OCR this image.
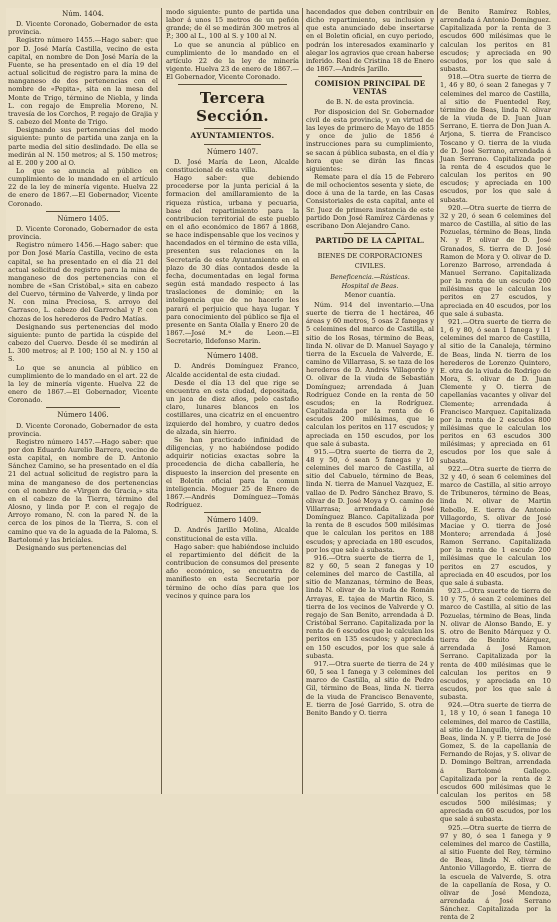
Núm. 1404.

D. Vicente Coronado, Gobernador de esta provincia.

Registro número 1455.—Hago saber: que por D. José María Castilla, vecino de esta capital, en nombre de Don José María de la Fuente, se ha presentado en el día 19 del actual solicitud de registro para la mina de manganeso de dos pertenencias con el nombre de «Pepita», sita en la mesa del Monte de Trigo, término de Niebla, y linda L. con regajo de Emprelia Moreno, N. travesía de los Corchos, P. regajo de Grajia y S. cabezo del Monte de Trigo.

Designando sus pertenencias del modo siguiente: punto de partida una zanja en la parte media del sitio deslindado. De ella se medirán al N. 150 metros; al S. 150 metros; al E. 200 y 200 al O.

Lo que se anuncia al público en cumplimiento de lo mandado en el artículo 22 de la ley de minería vigente. Huelva 22 de enero de 1867.—El Gobernador, Vicente Coronado.

Número 1405.

D. Vicente Coronado, Gobernador de esta provincia.

Registro número 1456.—Hago saber: que por Don José María Castilla, vecino de esta capital, se ha presentado en el día 21 del actual solicitud de registro para la mina de manganeso de dos pertenencias con el nombre de «San Cristóbal,» sita en cabezo del Cuervo, término de Valverde, y linda por N. con mina Preciosa, S. arroyo del Carrasco, L. cabezo del Garrochal y P. con chozas de los herederos de Pedro Matías.

Designando sus pertenencias del modo siguiente: punto de partida la cúspide del cabezo del Cuervo. Desde él se medirán al L. 300 metros; al P. 100; 150 al N. y 150 al S.

Lo que se anuncia al público en cumplimiento de lo mandado en el art. 22 de la ley de minería vigente. Huelva 22 de enero de 1867.—El Gobernador, Vicente Coronado.

Número 1406.

D. Vicente Coronado, Gobernador de esta provincia.

Registro número 1457.—Hago saber: que por don Eduardo Aurelio Barrera, vecino de esta capital, en nombre de D. Antonio Sánchez Camino, se ha presentado en el día 21 del actual solicitud de registro para la mina de manganeso de dos pertenencias con el nombre de «Virgen de Gracia,» sita en el cabezo de la Tierra, término del Alosno, y linda por P. con el regajo de Arroyo romano, N. con la pared N. de la cerca de los pinos de la Tierra, S. con el camino que va de la aguada de la Paloma, S. Bartolomé y las bricíales.

Designando sus pertenencias del

modo siguiente: punto de partida una labor á unos 15 metros de un peñón grande; de él se medirán 300 metros al P.; 300 al L., 100 al S. y 100 al N.

Lo que se anuncia al público en cumplimiento de lo mandado en el artículo 22 de la ley de minería vigente. Huelva 23 de enero de 1867.—El Gobernador, Vicente Coronado.

Tercera Sección.
AYUNTAMIENTOS.
Número 1407.

D. José María de Leon, Alcalde constitucional de esta villa.

Hago saber: que debiendo procederse por la junta pericial á la formacion del amillaramiento de la riqueza rústica, urbana y pecuaria, base del repartimiento para la contribucion territorial de este pueblo en el año económico de 1867 á 1868, se hace indispensable que los vecinos y hacendados en el término de esta villa, presenten sus relaciones en la Secretaría de este Ayuntamiento en el plazo de 30 días contados desde la fecha, documentadas en legal forma según está mandado respecto á las traslaciones de dominio; en la inteligencia que de no hacerlo les parará el perjuicio que haya lugar. Y para conocimiento del público se fija el presente en Santa Olalla y Enero 20 de 1867.—José M.ª de Leon.—El Secretario, Ildefonso Marin.

Número 1408.

D. Andrés Domínguez Franco, Alcalde accidental de esta ciudad.

Desde el día 13 del que rige se encuentra en esta ciudad, depositada, un jaca de diez años, pelo castaño claro, lunares blancos en los costillares, una cicatriz en el encuentro izquierdo del hombro, y cuatro dedos de alzada, sin hierro.

Se han practicado infinidad de diligencias, y no habiéndose podido adquirir noticias exactas sobre la procedencia de dicha caballería, he dispuesto la insercion del presente en el Boletín oficial para la comun inteligencia. Moguer 25 de Enero de 1867.—Andrés Domínguez—Tomás Rodríguez.

Número 1409.

D. Andrés Jarillo Molina, Alcalde constitucional de esta villa.

Hago saber: que habiéndose incluido el repartimiento del déficit de la contribucion de consumos del presente año económico, se encuentra de manifiesto en esta Secretaría por término de ocho días para que los vecinos y quince para los

hacendados que deben contribuir en dicho repartimiento, su inclusion y que esta anunciado debe insertarse en el Boletin oficial, en cuyo periodo, podrán los interesados examinarlo y alegar los agravios que crean haberse inferido. Real de Cristina 18 de Enero de 1867.—Andrés Jarillo.

COMISION PRINCIPAL DE VENTAS
de B. N. de esta provincia.

Por disposicion del Sr. Gobernador civil de esta provincia, y en virtud de las leyes de primero de Mayo de 1855 y once de julio de 1856 é instrucciones para su cumplimiento, se sacan á pública subasta, en el día y hora que se dirán las fincas siguientes:

Remate para el día 15 de Febrero de mil ochocientos sesenta y siete, de doce á una de la tarde, en las Casas Consistoriales de esta capital, ante el Sr. Juez de primera instancia de este partido Don José Ramírez Cárdenas y escribano Don Alejandro Cano.

PARTIDO DE LA CAPITAL.
BIENES DE CORPORACIONES
CIVILES.
Beneficencia.—Rústicas.
Hospital de Beas.
Menor cuantía.

Núm. 914 del inventario.—Una suerte de tierra de 1 hectárea, 46 áreas y 60 metros, 5 osas 2 fanegas y 5 celemines del marco de Castilla, al sitio de los Rosas, término de Beas, linda N. olivar de D. Manuel Sayago y tierra de la Escuela de Valverde, E. camino de Villarrasa, S. se taza de los herederos de D. Andrés Villagordo y O. olivar de la viuda de Sebastián Domínguez; arrendada á Juan Rodríguez Conde en la renta de 50 escudos; en la Rodríguez. Capitalizada por la renta de 6 escudos 200 milésimas, que le calculan los peritos en 117 escudos; y apreciada en 150 escudos, por los que sale á subasta.

915.—Otra suerte de tierra de 2, 48 y 50, ó sean 5 fanegas y 10 celemines del marco de Castilla, al sitio del Cabuelo, término de Beas, linda N. tierra de Manuel Vazquez, E. vallao de D. Pedro Sánchez Bravo, S. olivar de D. José Moya y O. camino de Villarrasa; arrendada á José Domínguez Blanco. Capitalizada por la renta de 8 escudos 500 milésimas que le calculan los peritos en 188 escudos; y apreciada en 180 escudos, por los que sale á subasta.

916.—Otra suerte de tierra de 1, 82 y 60, 5 sean 2 fanegas y 10 celemines del marco de Castilla, al sitio de Manzanas, término de Beas, linda N. olivar de la viuda de Román Arrayas, E. tajea de Martin Rico, S. tierra de los vecinos de Valverde y O. regajo de San Benito, arrendada á D. Cristóbal Serrano. Capitalizada por la renta de 6 escudos que le calculan los peritos en 135 escudos; y apreciada en 150 escudos, por los que sale á subasta.

917.—Otra suerte de tierra de 24 y 60, 5 sea 1 fanega y 3 celemines del marco de Castilla, al sitio de Pedro Gil, término de Beas, linda N. tierra de la viuda de Francisco Benavente, E. tierra de José Garrido, S. otra de Benito Bando y O. tierra

de Benito Ramírez Robles, arrendada á Antonio Domínguez. Capitalizada por la renta de 3 escudos 600 milésimas que le calculan los peritos en 81 escudos; y apreciada en 90 escudos, por los que sale á subasta.

918.—Otra suerte de tierra de 1, 46 y 80, ó sean 2 fanegas y 7 celemines del marco de Castilla, al sitio de Fuentedel Rey, término de Beas, linda N. olivar de la viuda de D. Juan Juan Serrano, E. tierra de Don Juan A. Arjona, S. tierra de Francisco Toscano y O. tierra de la viuda de D. José Serrano, arrendada á Juan Serrano. Capitalizada por la renta de 4 escudos que le calculan los peritos en 90 escudos; y apreciada en 100 escudos, por los que sale á subasta.

920.—Otra suerte de tierra de 32 y 20, ó sean 6 celemines del marco de Castilla, al sitio de las Pozuelas, término de Beas, linda N. y P. olivar de D. José Granados, S. tierra de D. José Ramon de Mora y O. olivar de D. Lorenzo Barroso, arrendada á Manuel Serrano. Capitalizada por la renta de un escudo 200 milésimas que le calculan los peritos en 27 escudos, y apreciada en 40 escudos, por los que sale á subasta.

921.—Otra suerte de tierra de 1, 6 y 80, ó sean 1 fanega y 11 celemines del marco de Castilla, al sitio de la Canaleja, término de Beas, linda N. tierra de los herederos de Lorenzo Quintero, E. otra de la viuda de Rodrigo de Mora, S. olivar de D. Juan Clemente y O. tierra de capellanías vacantes y olivar del Clemente; arrendada á Francisco Marquez. Capitalizada por la renta de 2 escudos 800 milésimas que le calculan los peritos en 63 escudos 300 milésimas; y apreciada en 61 escudos por los que sale á subasta.

922.—Otra suerte de tierra de 32 y 40, ó sean 6 celemines del marco de Castilla, al sitio arroyo de Tribuneros, término de Beas, linda N. olivar de Martin Rebollo, E. tierra de Antonio Villagordo, S. olivar de José Maciae y O. tierra de José Montero; arrendada á José Ramon Serrano. Capitalizada por la renta de 1 escudo 200 milésimas que le calculan los peritos en 27 escudos, y apreciada en 40 escudos, por los que sale á subasta.

923.—Otra suerte de tierra de 10 y 75, ó sean 2 celemines del marco de Castilla, al sitio de las Pozuelas, término de Beas, linda N. olivar de Alonso Bando, E. y S. otro de Benito Márquez y O. tierra de Benito Márquez, arrendada á José Ramon Serrano. Capitalizada por la renta de 400 milésimas que le calculan los peritos en 9 escudos, y apreciada en 10 escudos, por los que sale á subasta.

924.—Otra suerte de tierra de 1, 18 y 10, ó sean 1 fanega 10 celemines, del marco de Castilla, al sitio de Llanquillo, término de Beas, linda N. y P. tierra de José Gomez, S. de la capellanía de Fernando de Rojas, y S. olivar de D. Domingo Beltran, arrendada á Bartolomé Gallego. Capitalizada por la renta de 2 escudos 600 milésimas que le calculan los peritos en 58 escudos 500 milésimas; y apreciada en 60 escudos, por los que sale á subasta.

925.—Otra suerte de tierra de 97 y 80, ó sea 1 fanega y 9 celemines del marco de Castilla, al sitio Fuente del Rey, término de Beas, linda N. olivar de Antonio Villagordo, E. tierra de la escuela de Valverde, S. otra de la capellanía de Rosa, y O. olivar de José Mendoza, arrendada á José Serrano Sánchez. Capitalizada por la renta de 2
